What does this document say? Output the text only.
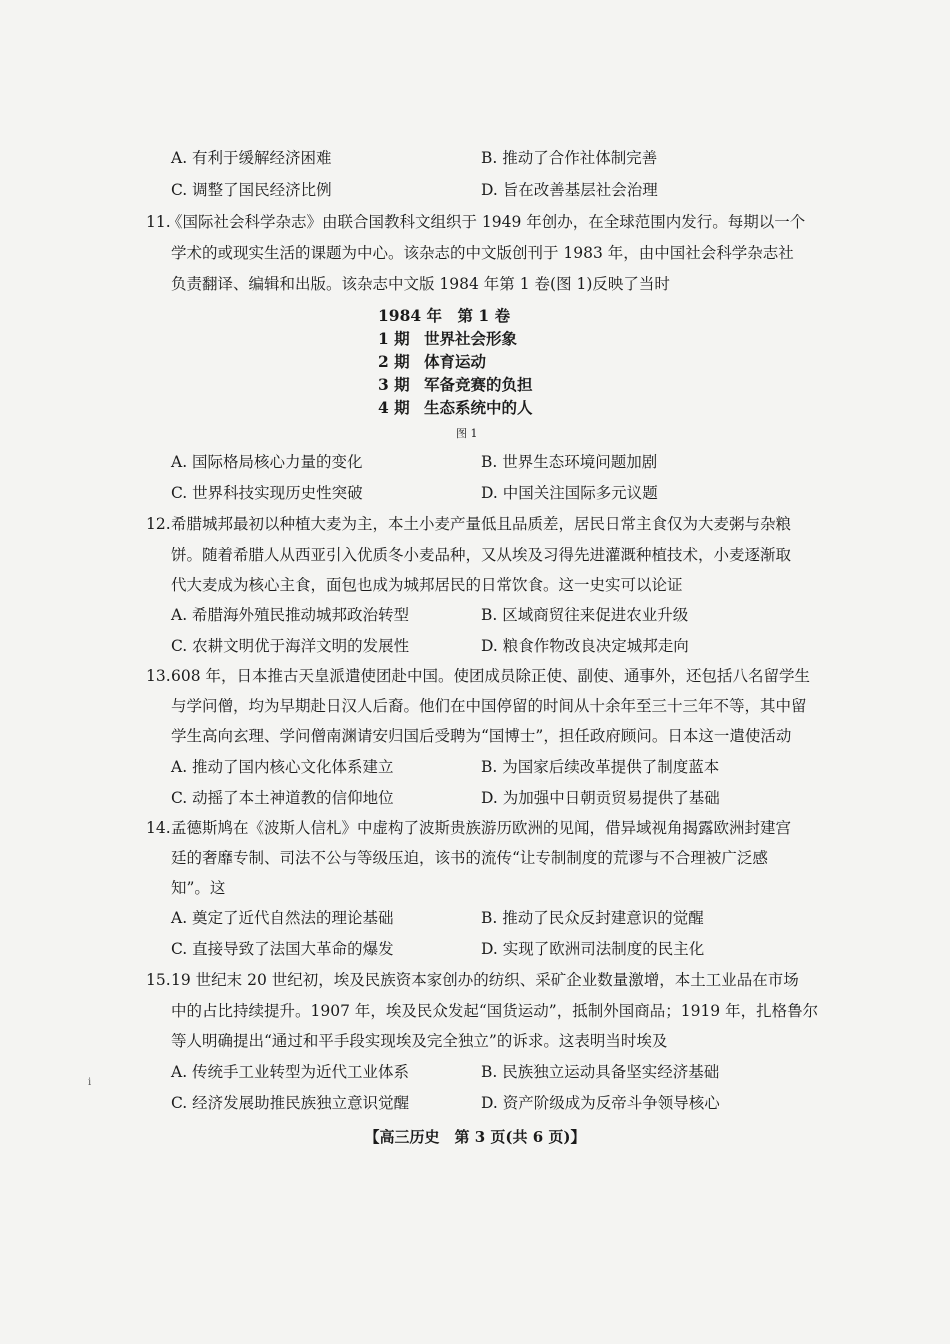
A. 有利于缓解经济困难	B. 推动了合作社体制完善
C. 调整了国民经济比例	D. 旨在改善基层社会治理
11.
《国际社会科学杂志》由联合国教科文组织于 1949 年创办，在全球范围内发行。每期以一个
学术的或现实生活的课题为中心。该杂志的中文版创刊于 1983 年，由中国社会科学杂志社
负责翻译、编辑和出版。该杂志中文版 1984 年第 1 卷(图 1)反映了当时
1984 年　第 1 卷
1 期 世界社会形象
2 期 体育运动
3 期 军备竞赛的负担
4 期 生态系统中的人
图 1
A. 国际格局核心力量的变化	B. 世界生态环境问题加剧
C. 世界科技实现历史性突破	D. 中国关注国际多元议题
12. 希腊城邦最初以种植大麦为主，本土小麦产量低且品质差，居民日常主食仅为大麦粥与杂粮
饼。随着希腊人从西亚引入优质冬小麦品种，又从埃及习得先进灌溉种植技术，小麦逐渐取
代大麦成为核心主食，面包也成为城邦居民的日常饮食。这一史实可以论证
A. 希腊海外殖民推动城邦政治转型	B. 区域商贸往来促进农业升级
C. 农耕文明优于海洋文明的发展性	D. 粮食作物改良决定城邦走向
13. 608 年，日本推古天皇派遣使团赴中国。使团成员除正使、副使、通事外，还包括八名留学生
与学问僧，均为早期赴日汉人后裔。他们在中国停留的时间从十余年至三十三年不等，其中留
学生高向玄理、学问僧南渊请安归国后受聘为“国博士”，担任政府顾问。日本这一遣使活动
A. 推动了国内核心文化体系建立	B. 为国家后续改革提供了制度蓝本
C. 动摇了本土神道教的信仰地位	D. 为加强中日朝贡贸易提供了基础
14. 孟德斯鸠在《波斯人信札》中虚构了波斯贵族游历欧洲的见闻，借异域视角揭露欧洲封建宫
廷的奢靡专制、司法不公与等级压迫，该书的流传“让专制制度的荒谬与不合理被广泛感
知”。这
A. 奠定了近代自然法的理论基础	B. 推动了民众反封建意识的觉醒
C. 直接导致了法国大革命的爆发	D. 实现了欧洲司法制度的民主化
15. 19 世纪末 20 世纪初，埃及民族资本家创办的纺织、采矿企业数量激增，本土工业品在市场
中的占比持续提升。1907 年，埃及民众发起“国货运动”，抵制外国商品；1919 年，扎格鲁尔
等人明确提出“通过和平手段实现埃及完全独立”的诉求。这表明当时埃及
A. 传统手工业转型为近代工业体系	B. 民族独立运动具备坚实经济基础
C. 经济发展助推民族独立意识觉醒	D. 资产阶级成为反帝斗争领导核心
i
【高三历史　第 3 页(共 6 页)】
